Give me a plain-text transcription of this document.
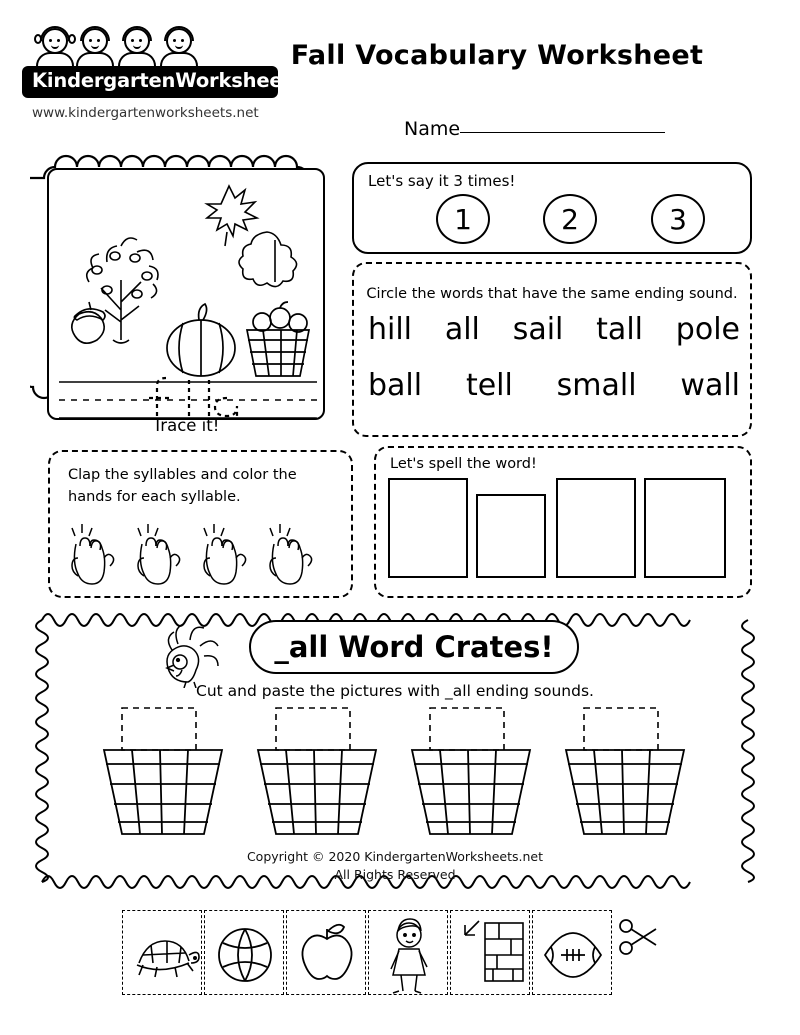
KindergartenWorksheets.net
www.kindergartenworksheets.net
Fall Vocabulary Worksheet
Name
Trace it!
Let's say it 3 times!
1	2	3
Circle the words that have the same ending sound.
hill all sail tall pole
ball tell small wall
Clap the syllables and color the hands for each syllable.
Let's spell the word!
_all Word Crates!
Cut and paste the pictures with _all ending sounds.
Copyright © 2020 KindergartenWorksheets.net
All Rights Reserved
